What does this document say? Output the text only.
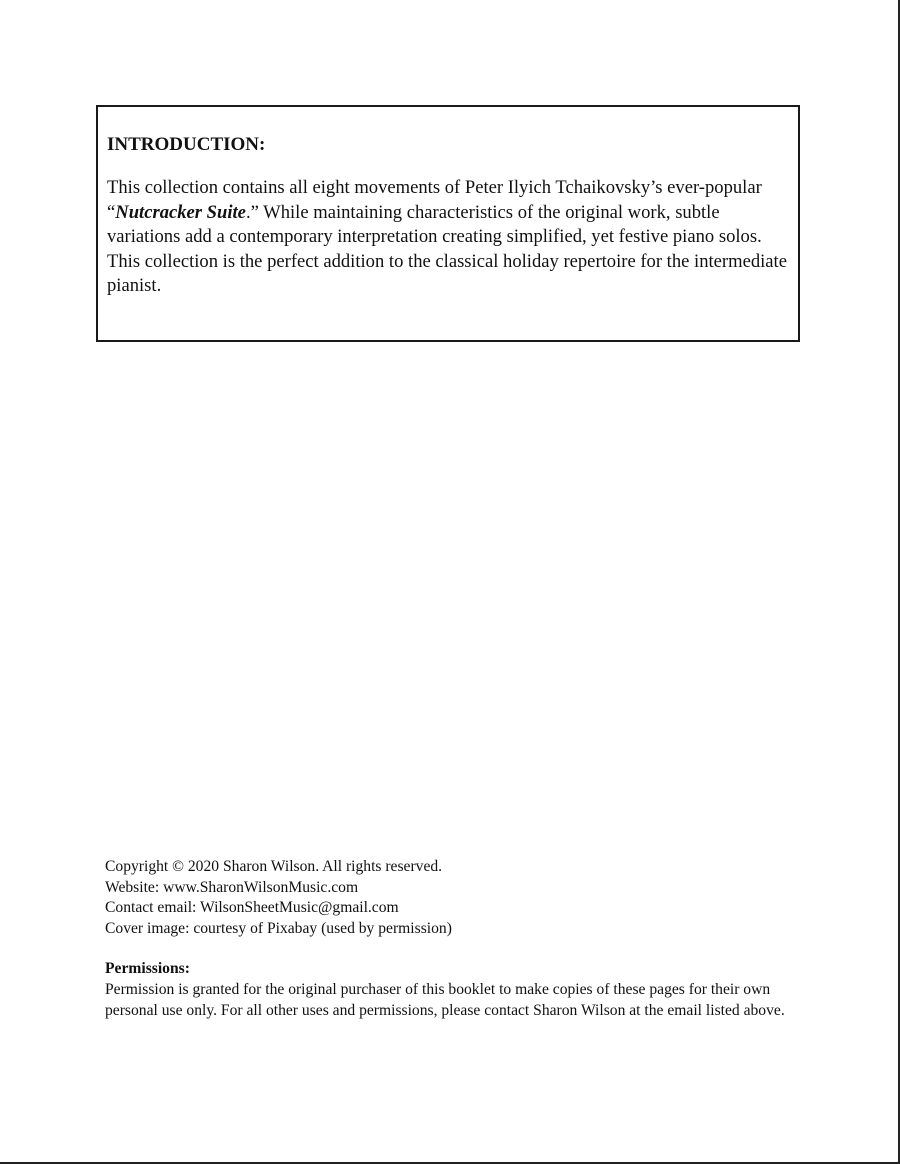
INTRODUCTION:

This collection contains all eight movements of Peter Ilyich Tchaikovsky’s ever-popular “Nutcracker Suite.” While maintaining characteristics of the original work, subtle variations add a contemporary interpretation creating simplified, yet festive piano solos. This collection is the perfect addition to the classical holiday repertoire for the intermediate pianist.

Copyright © 2020 Sharon Wilson. All rights reserved.
Website: www.SharonWilsonMusic.com
Contact email: WilsonSheetMusic@gmail.com
Cover image: courtesy of Pixabay (used by permission)
Permissions:
Permission is granted for the original purchaser of this booklet to make copies of these pages for their own personal use only. For all other uses and permissions, please contact Sharon Wilson at the email listed above.
